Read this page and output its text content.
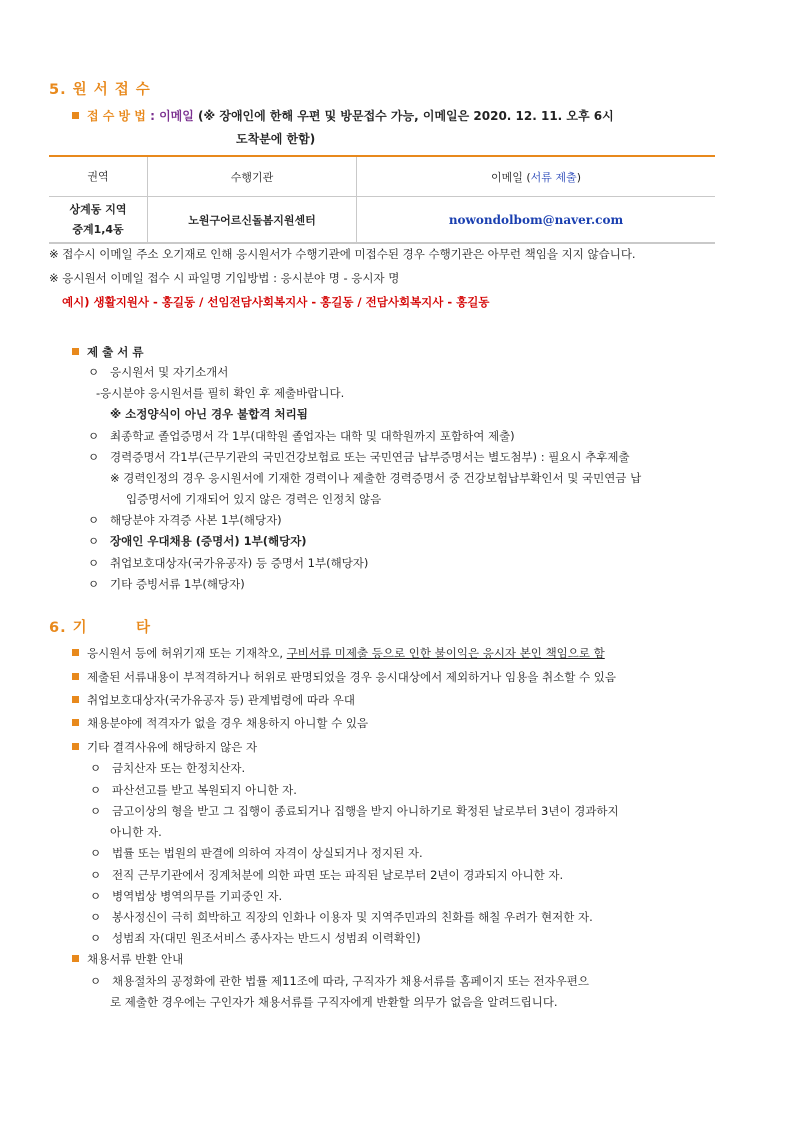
5. 원 서 접 수
접 수 방 법 : 이메일 (※ 장애인에 한해 우편 및 방문접수 가능, 이메일은 2020. 12. 11. 오후 6시
도착분에 한함)
권역	수행기관	이메일 (서류 제출)
상계동 지역
중계1,4동	노원구어르신돌봄지원센터	nowondolbom@naver.com
※ 접수시 이메일 주소 오기재로 인해 응시원서가 수행기관에 미접수된 경우 수행기관은 아무런 책임을 지지 않습니다.
※ 응시원서 이메일 접수 시 파일명 기입방법 : 응시분야 명 - 응시자 명
예시) 생활지원사 - 홍길동 / 선임전담사회복지사 - 홍길동 / 전담사회복지사 - 홍길동
제 출 서 류
ㅇ 응시원서 및 자기소개서
-응시분야 응시원서를 필히 확인 후 제출바랍니다.
※ 소정양식이 아닌 경우 불합격 처리됨
ㅇ 최종학교 졸업증명서 각 1부(대학원 졸업자는 대학 및 대학원까지 포함하여 제출)
ㅇ 경력증명서 각1부(근무기관의 국민건강보험료 또는 국민연금 납부증명서는 별도첨부) : 필요시 추후제출
※ 경력인정의 경우 응시원서에 기재한 경력이나 제출한 경력증명서 중 건강보험납부확인서 및 국민연금 납
입증명서에 기재되어 있지 않은 경력은 인정치 않음
ㅇ 해당분야 자격증 사본 1부(해당자)
ㅇ 장애인 우대채용 (증명서) 1부(해당자)
ㅇ 취업보호대상자(국가유공자) 등 증명서 1부(해당자)
ㅇ 기타 증빙서류 1부(해당자)
6. 기        타
응시원서 등에 허위기재 또는 기재착오, 구비서류 미제출 등으로 인한 불이익은 응시자 본인 책임으로 함
제출된 서류내용이 부적격하거나 허위로 판명되었을 경우 응시대상에서 제외하거나 임용을 취소할 수 있음
취업보호대상자(국가유공자 등) 관계법령에 따라 우대
채용분야에 적격자가 없을 경우 채용하지 아니할 수 있음
기타 결격사유에 해당하지 않은 자
ㅇ 금치산자 또는 한정치산자.
ㅇ 파산선고를 받고 복원되지 아니한 자.
ㅇ 금고이상의 형을 받고 그 집행이 종료되거나 집행을 받지 아니하기로 확정된 날로부터 3년이 경과하지
아니한 자.
ㅇ 법률 또는 법원의 판결에 의하여 자격이 상실되거나 정지된 자.
ㅇ 전직 근무기관에서 징계처분에 의한 파면 또는 파직된 날로부터 2년이 경과되지 아니한 자.
ㅇ 병역법상 병역의무를 기피중인 자.
ㅇ 봉사정신이 극히 희박하고 직장의 인화나 이용자 및 지역주민과의 친화를 해칠 우려가 현저한 자.
ㅇ 성범죄 자(대민 원조서비스 종사자는 반드시 성범죄 이력확인)
채용서류 반환 안내
ㅇ 채용절차의 공정화에 관한 법률 제11조에 따라, 구직자가 채용서류를 홈페이지 또는 전자우편으
로 제출한 경우에는 구인자가 채용서류를 구직자에게 반환할 의무가 없음을 알려드립니다.
